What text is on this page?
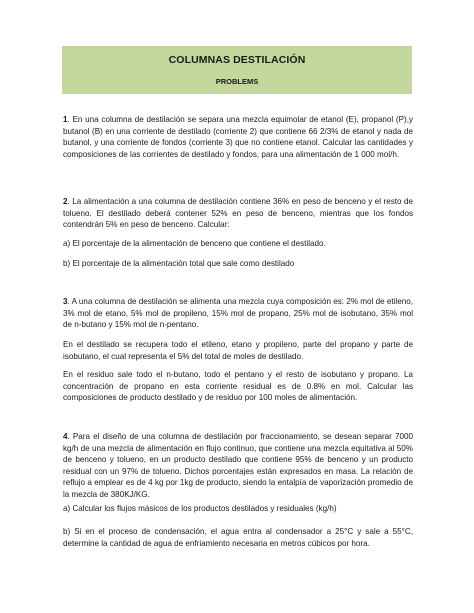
COLUMNAS DESTILACIÓN
PROBLEMS

1. En una columna de destilación se separa una mezcla equimolar de etanol (E), propanol (P),y butanol (B) en una corriente de destilado (corriente 2) que contiene 66 2/3% de etanol y nada de butanol, y una corriente de fondos (corriente 3) que no contiene etanol. Calcular las cantidades y composiciones de las corrientes de destilado y fondos, para una alimentación de 1 000 mol/h.

2. La alimentación a una columna de destilación contiene 36% en peso de benceno y el resto de tolueno. El destilado deberá contener 52% en peso de benceno, mientras que los fondos contendrán 5% en peso de benceno. Calcular:

a) El porcentaje de la alimentación de benceno que contiene el destilado.

b) El porcentaje de la alimentación total que sale como destilado

3. A una columna de destilación se alimenta una mezcla cuya composición es: 2% mol de etileno, 3% mol de etano, 5% mol de propileno, 15% mol de propano, 25% mol de isobutano, 35% mol de n-butano y 15% mol de n-pentano.

En el destilado se recupera todo el etileno, etano y propileno, parte del propano y parte de isobutano, el cual representa el 5% del total de moles de destilado.

En el residuo sale todo el n-butano, todo el pentano y el resto de isobutano y propano. La concentración de propano en esta corriente residual es de 0.8% en mol. Calcular las composiciones de producto destilado y de residuo por 100 moles de alimentación.

4. Para el diseño de una columna de destilación por fraccionamiento, se desean separar 7000 kg/h de una mezcla de alimentación en flujo continuo, que contiene una mezcla equitativa al 50% de benceno y tolueno, en un producto destilado que contiene 95% de benceno y un producto residual con un 97% de tolueno. Dichos porcentajes están expresados en masa. La relación de reflujo a emplear es de 4 kg por 1kg de producto, siendo la entalpía de vaporización promedio de la mezcla de 380KJ/KG.

a) Calcular los flujos másicos de los productos destilados y residuales (kg/h)

b) Si en el proceso de condensación, el agua entra al condensador a 25°C y sale a 55°C, determine la cantidad de agua de enfriamiento necesaria en metros cúbicos por hora.
